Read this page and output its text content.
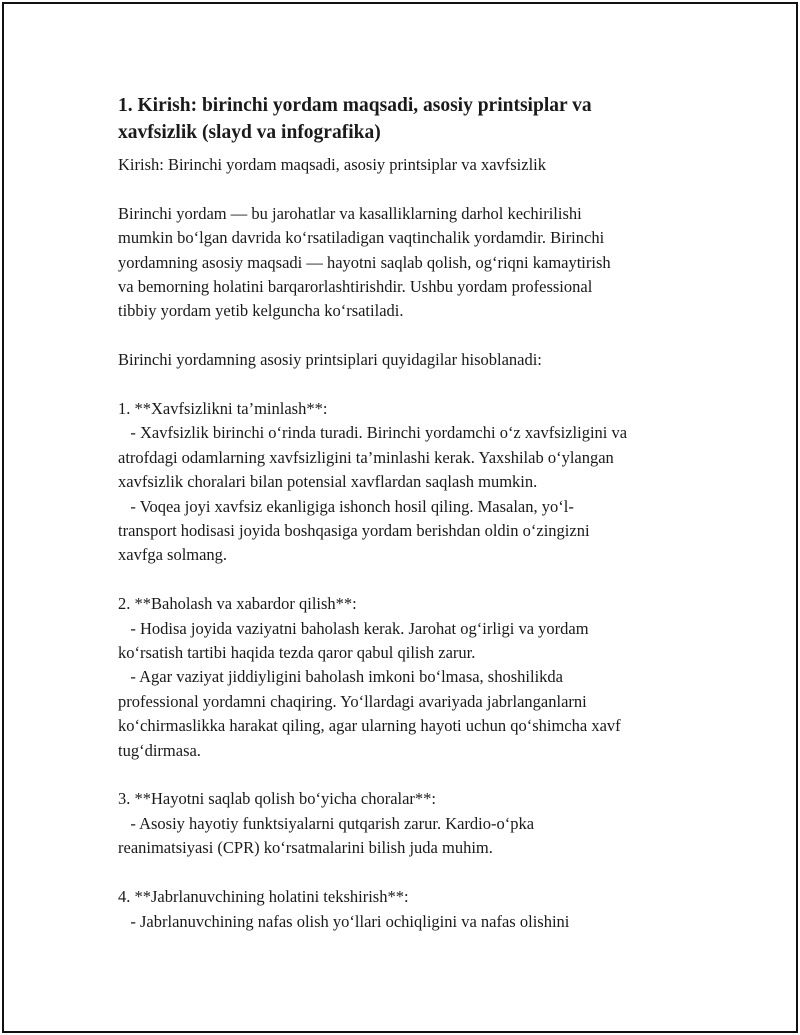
1. Kirish: birinchi yordam maqsadi, asosiy printsiplar va
xavfsizlik (slayd va infografika)

Kirish: Birinchi yordam maqsadi, asosiy printsiplar va xavfsizlik

Birinchi yordam — bu jarohatlar va kasalliklarning darhol kechirilishi
mumkin boʻlgan davrida koʻrsatiladigan vaqtinchalik yordamdir. Birinchi
yordamning asosiy maqsadi — hayotni saqlab qolish, ogʻriqni kamaytirish
va bemorning holatini barqarorlashtirishdir. Ushbu yordam professional
tibbiy yordam yetib kelguncha koʻrsatiladi.
Birinchi yordamning asosiy printsiplari quyidagilar hisoblanadi:
1. **Xavfsizlikni ta’minlash**:
- Xavfsizlik birinchi oʻrinda turadi. Birinchi yordamchi oʻz xavfsizligini va
atrofdagi odamlarning xavfsizligini ta’minlashi kerak. Yaxshilab oʻylangan
xavfsizlik choralari bilan potensial xavflardan saqlash mumkin.
- Voqea joyi xavfsiz ekanligiga ishonch hosil qiling. Masalan, yoʻl-
transport hodisasi joyida boshqasiga yordam berishdan oldin oʻzingizni
xavfga solmang.
2. **Baholash va xabardor qilish**:
- Hodisa joyida vaziyatni baholash kerak. Jarohat ogʻirligi va yordam
koʻrsatish tartibi haqida tezda qaror qabul qilish zarur.
- Agar vaziyat jiddiyligini baholash imkoni boʻlmasa, shoshilikda
professional yordamni chaqiring. Yoʻllardagi avariyada jabrlanganlarni
koʻchirmaslikka harakat qiling, agar ularning hayoti uchun qoʻshimcha xavf
tugʻdirmasa.
3. **Hayotni saqlab qolish boʻyicha choralar**:
- Asosiy hayotiy funktsiyalarni qutqarish zarur. Kardio-oʻpka
reanimatsiyasi (CPR) koʻrsatmalarini bilish juda muhim.
4. **Jabrlanuvchining holatini tekshirish**:
- Jabrlanuvchining nafas olish yoʻllari ochiqligini va nafas olishini
